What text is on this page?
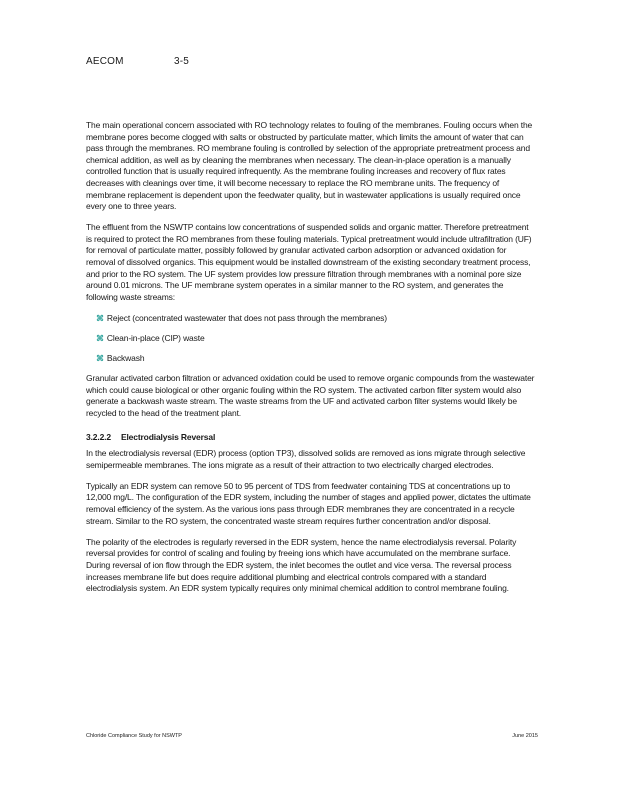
AECOM	3-5

The main operational concern associated with RO technology relates to fouling of the membranes. Fouling occurs when the membrane pores become clogged with salts or obstructed by particulate matter, which limits the amount of water that can pass through the membranes. RO membrane fouling is controlled by selection of the appropriate pretreatment process and chemical addition, as well as by cleaning the membranes when necessary. The clean-in-place operation is a manually controlled function that is usually required infrequently. As the membrane fouling increases and recovery of flux rates decreases with cleanings over time, it will become necessary to replace the RO membrane units. The frequency of membrane replacement is dependent upon the feedwater quality, but in wastewater applications is usually required once every one to three years.

The effluent from the NSWTP contains low concentrations of suspended solids and organic matter. Therefore pretreatment is required to protect the RO membranes from these fouling materials. Typical pretreatment would include ultrafiltration (UF) for removal of particulate matter, possibly followed by granular activated carbon adsorption or advanced oxidation for removal of dissolved organics. This equipment would be installed downstream of the existing secondary treatment process, and prior to the RO system. The UF system provides low pressure filtration through membranes with a nominal pore size around 0.01 microns. The UF membrane system operates in a similar manner to the RO system, and generates the following waste streams:

⌘ Reject (concentrated wastewater that does not pass through the membranes)

⌘ Clean-in-place (CIP) waste

⌘ Backwash

Granular activated carbon filtration or advanced oxidation could be used to remove organic compounds from the wastewater which could cause biological or other organic fouling within the RO system. The activated carbon filter system would also generate a backwash waste stream. The waste streams from the UF and activated carbon filter systems would likely be recycled to the head of the treatment plant.

3.2.2.2 Electrodialysis Reversal

In the electrodialysis reversal (EDR) process (option TP3), dissolved solids are removed as ions migrate through selective semipermeable membranes. The ions migrate as a result of their attraction to two electrically charged electrodes.

Typically an EDR system can remove 50 to 95 percent of TDS from feedwater containing TDS at concentrations up to 12,000 mg/L. The configuration of the EDR system, including the number of stages and applied power, dictates the ultimate removal efficiency of the system. As the various ions pass through EDR membranes they are concentrated in a recycle stream. Similar to the RO system, the concentrated waste stream requires further concentration and/or disposal.

The polarity of the electrodes is regularly reversed in the EDR system, hence the name electrodialysis reversal. Polarity reversal provides for control of scaling and fouling by freeing ions which have accumulated on the membrane surface. During reversal of ion flow through the EDR system, the inlet becomes the outlet and vice versa. The reversal process increases membrane life but does require additional plumbing and electrical controls compared with a standard electrodialysis system. An EDR system typically requires only minimal chemical addition to control membrane fouling.

Chloride Compliance Study for NSWTP	June 2015
